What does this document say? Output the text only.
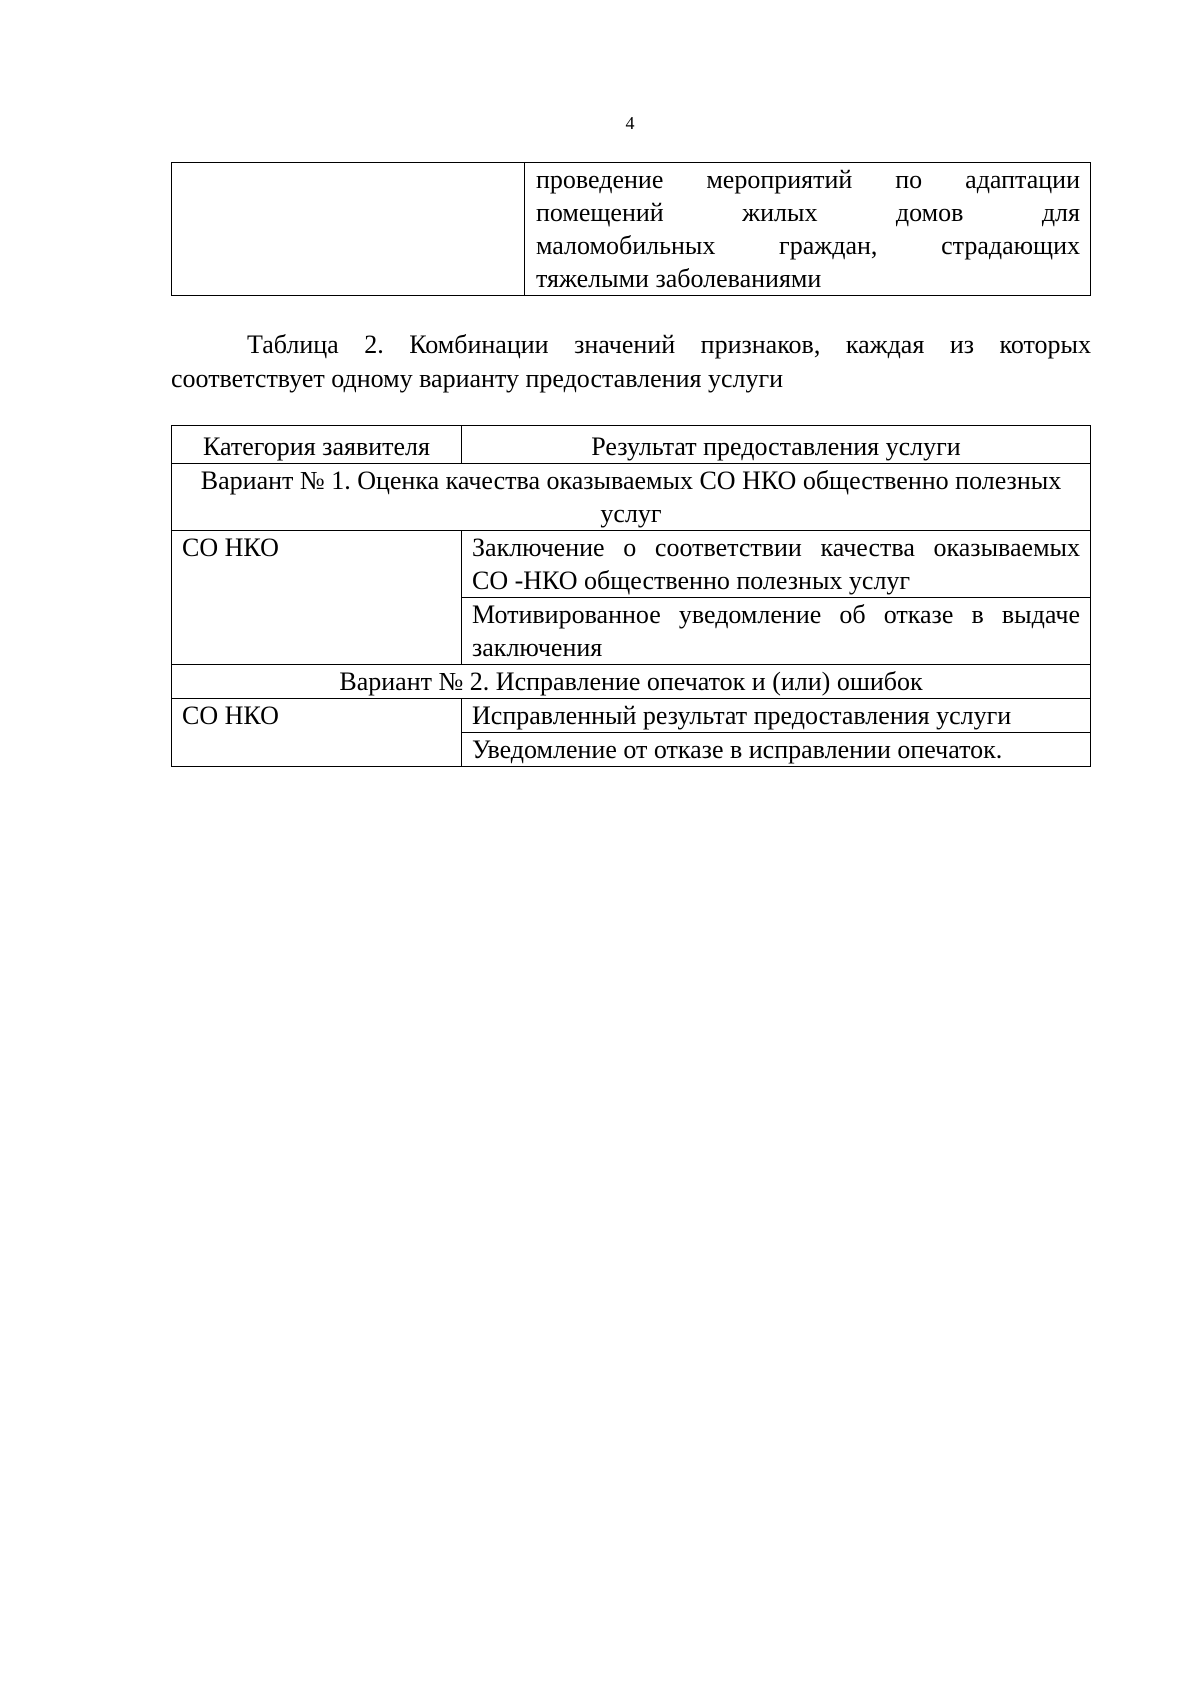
4

проведение мероприятий по адаптации
помещений жилых домов для
маломобильных граждан, страдающих
тяжелыми заболеваниями
Таблица 2. Комбинации значений признаков, каждая из которых
соответствует одному варианту предоставления услуги
Категория заявителя	Результат предоставления услуги
Вариант № 1. Оценка качества оказываемых СО НКО общественно полезных услуг	
СО НКО	Заключение о соответствии качества оказываемых
СО -НКО общественно полезных услуг

	Мотивированное уведомление об отказе в выдаче
заключения
Вариант № 2. Исправление опечаток и (или) ошибок	
СО НКО	Исправленный результат предоставления услуги
	Уведомление от отказе в исправлении опечаток.
